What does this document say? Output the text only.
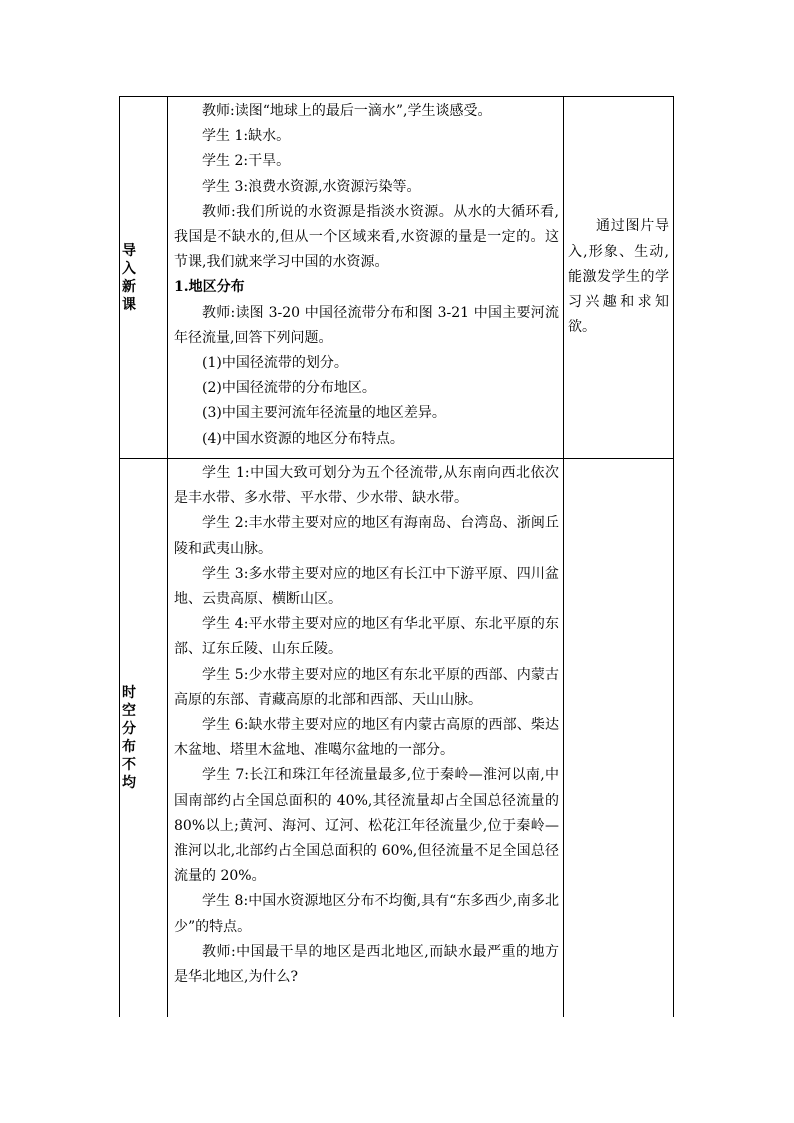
导入新课

教师:读图“地球上的最后一滴水”,学生谈感受。

学生 1:缺水。

学生 2:干旱。

学生 3:浪费水资源,水资源污染等。

教师:我们所说的水资源是指淡水资源。从水的大循环看,我国是不缺水的,但从一个区域来看,水资源的量是一定的。这节课,我们就来学习中国的水资源。

1.地区分布

教师:读图 3-20 中国径流带分布和图 3-21 中国主要河流年径流量,回答下列问题。

(1)中国径流带的划分。

(2)中国径流带的分布地区。

(3)中国主要河流年径流量的地区差异。

(4)中国水资源的地区分布特点。

通过图片导入,形象、生动,能激发学生的学习兴趣和求知欲。

时空分布不均

学生 1:中国大致可划分为五个径流带,从东南向西北依次是丰水带、多水带、平水带、少水带、缺水带。

学生 2:丰水带主要对应的地区有海南岛、台湾岛、浙闽丘陵和武夷山脉。

学生 3:多水带主要对应的地区有长江中下游平原、四川盆地、云贵高原、横断山区。

学生 4:平水带主要对应的地区有华北平原、东北平原的东部、辽东丘陵、山东丘陵。

学生 5:少水带主要对应的地区有东北平原的西部、内蒙古高原的东部、青藏高原的北部和西部、天山山脉。

学生 6:缺水带主要对应的地区有内蒙古高原的西部、柴达木盆地、塔里木盆地、准噶尔盆地的一部分。

学生 7:长江和珠江年径流量最多,位于秦岭—淮河以南,中国南部约占全国总面积的 40%,其径流量却占全国总径流量的 80%以上;黄河、海河、辽河、松花江年径流量少,位于秦岭—淮河以北,北部约占全国总面积的 60%,但径流量不足全国总径流量的 20%。

学生 8:中国水资源地区分布不均衡,具有“东多西少,南多北少”的特点。

教师:中国最干旱的地区是西北地区,而缺水最严重的地方是华北地区,为什么?
